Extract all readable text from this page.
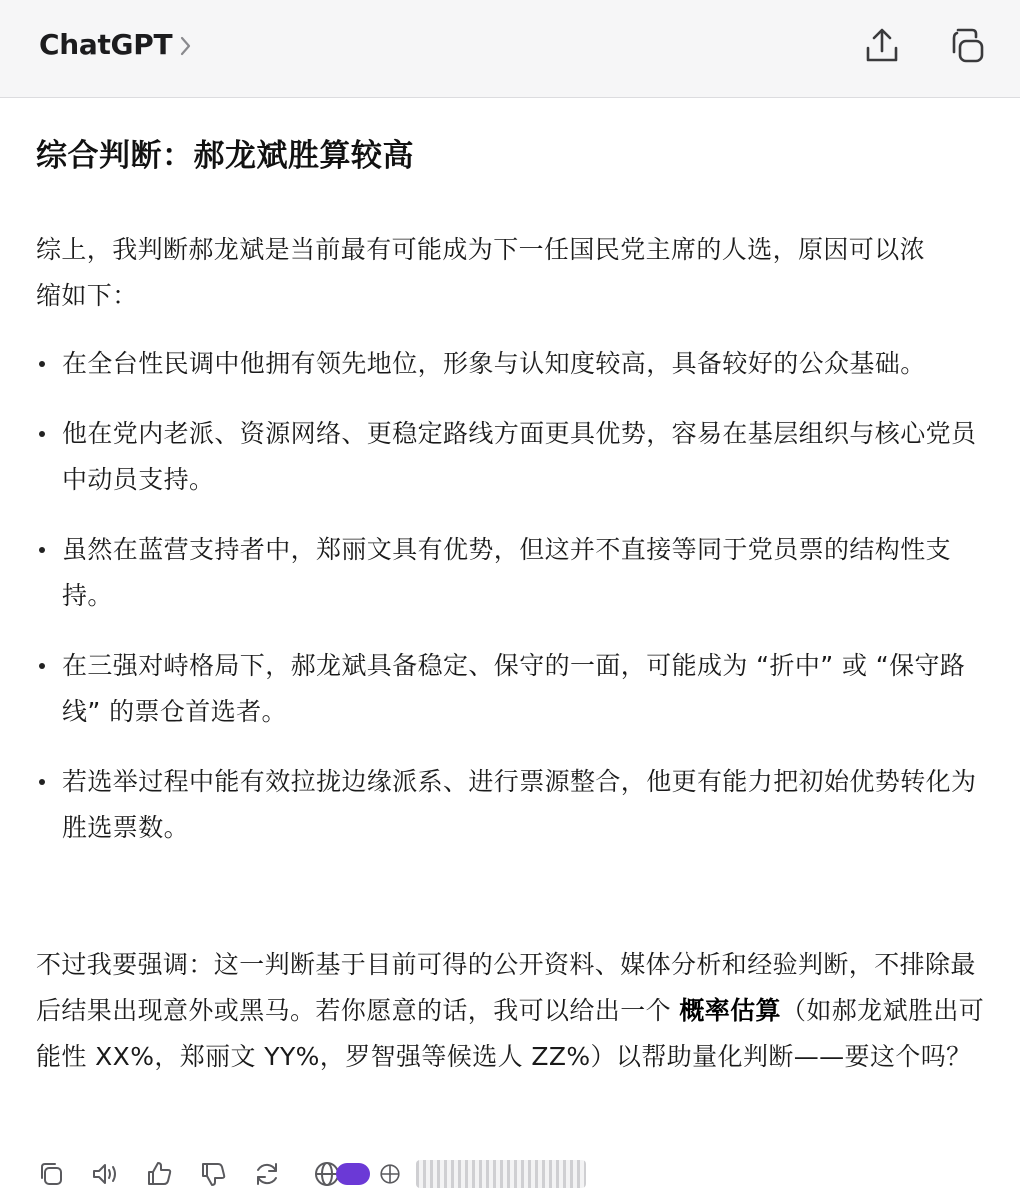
ChatGPT
综合判断：郝龙斌胜算较高
综上，我判断郝龙斌是当前最有可能成为下一任国民党主席的人选，原因可以浓缩如下：
在全台性民调中他拥有领先地位，形象与认知度较高，具备较好的公众基础。
他在党内老派、资源网络、更稳定路线方面更具优势，容易在基层组织与核心党员中动员支持。
虽然在蓝营支持者中，郑丽文具有优势，但这并不直接等同于党员票的结构性支持。
在三强对峙格局下，郝龙斌具备稳定、保守的一面，可能成为 “折中” 或 “保守路线” 的票仓首选者。
若选举过程中能有效拉拢边缘派系、进行票源整合，他更有能力把初始优势转化为胜选票数。
不过我要强调：这一判断基于目前可得的公开资料、媒体分析和经验判断，不排除最后结果出现意外或黑马。若你愿意的话，我可以给出一个 概率估算（如郝龙斌胜出可能性 XX%，郑丽文 YY%，罗智强等候选人 ZZ%）以帮助量化判断——要这个吗？
